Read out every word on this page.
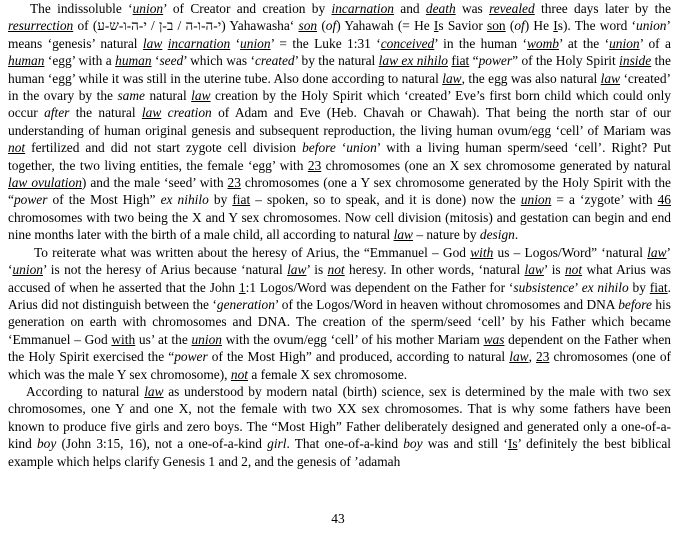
The indissoluble ‘union’ of Creator and creation by incarnation and death was revealed three days later by the resurrection of (י-ה-ו-ה / ב-ן / י-ה-ו-ש-ע) Yahawasha‘ son (of) Yahawah (= He Is Savior son (of) He Is). The word ‘union’ means ‘genesis’ natural law incarnation ‘union’ = the Luke 1:31 ‘conceived’ in the human ‘womb’ at the ‘union’ of a human ‘egg’ with a human ‘seed’ which was ‘created’ by the natural law ex nihilo fiat “power” of the Holy Spirit inside the human ‘egg’ while it was still in the uterine tube. Also done according to natural law, the egg was also natural law ‘created’ in the ovary by the same natural law creation by the Holy Spirit which ‘created’ Eve’s first born child which could only occur after the natural law creation of Adam and Eve (Heb. Chavah or Chawah). That being the north star of our understanding of human original genesis and subsequent reproduction, the living human ovum/egg ‘cell’ of Mariam was not fertilized and did not start zygote cell division before ‘union’ with a living human sperm/seed ‘cell’. Right? Put together, the two living entities, the female ‘egg’ with 23 chromosomes (one an X sex chromosome generated by natural law ovulation) and the male ‘seed’ with 23 chromosomes (one a Y sex chromosome generated by the Holy Spirit with the “power of the Most High” ex nihilo by fiat – spoken, so to speak, and it is done) now the union = a ‘zygote’ with 46 chromosomes with two being the X and Y sex chromosomes. Now cell division (mitosis) and gestation can begin and end nine months later with the birth of a male child, all according to natural law – nature by design.
To reiterate what was written about the heresy of Arius, the “Emmanuel – God with us – Logos/Word” ‘natural law’ ‘union’ is not the heresy of Arius because ‘natural law’ is not heresy. In other words, ‘natural law’ is not what Arius was accused of when he asserted that the John 1:1 Logos/Word was dependent on the Father for ‘subsistence’ ex nihilo by fiat. Arius did not distinguish between the ‘generation’ of the Logos/Word in heaven without chromosomes and DNA before his generation on earth with chromosomes and DNA. The creation of the sperm/seed ‘cell’ by his Father which became ‘Emmanuel – God with us’ at the union with the ovum/egg ‘cell’ of his mother Mariam was dependent on the Father when the Holy Spirit exercised the “power of the Most High” and produced, according to natural law, 23 chromosomes (one of which was the male Y sex chromosome), not a female X sex chromosome.
According to natural law as understood by modern natal (birth) science, sex is determined by the male with two sex chromosomes, one Y and one X, not the female with two XX sex chromosomes. That is why some fathers have been known to produce five girls and zero boys. The “Most High” Father deliberately designed and generated only a one-of-a-kind boy (John 3:15, 16), not a one-of-a-kind girl. That one-of-a-kind boy was and still ‘Is’ definitely the best biblical example which helps clarify Genesis 1 and 2, and the genesis of ’adamah
43
